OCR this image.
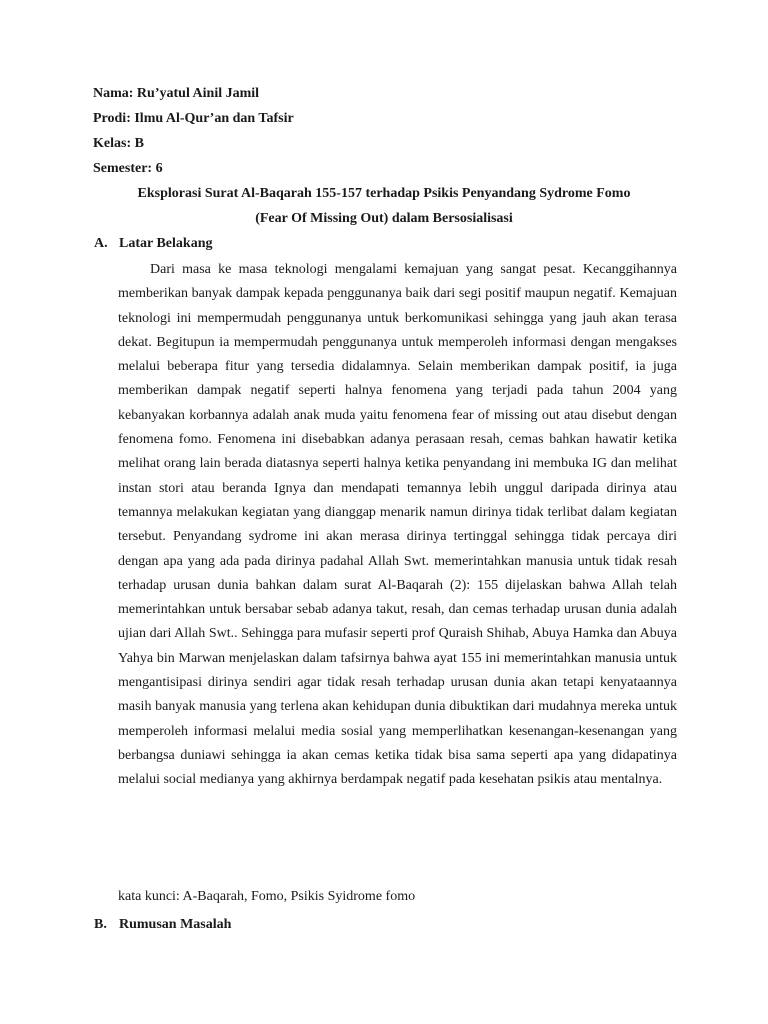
Nama: Ru’yatul Ainil Jamil
Prodi: Ilmu Al-Qur’an dan Tafsir
Kelas: B
Semester: 6
Eksplorasi Surat Al-Baqarah 155-157 terhadap Psikis Penyandang Sydrome Fomo
(Fear Of Missing Out) dalam Bersosialisasi
A. Latar Belakang

Dari masa ke masa teknologi mengalami kemajuan yang sangat pesat. Kecanggihannya memberikan banyak dampak kepada penggunanya baik dari segi positif maupun negatif. Kemajuan teknologi ini mempermudah penggunanya untuk berkomunikasi sehingga yang jauh akan terasa dekat. Begitupun ia mempermudah penggunanya untuk memperoleh informasi dengan mengakses melalui beberapa fitur yang tersedia didalamnya. Selain memberikan dampak positif, ia juga memberikan dampak negatif seperti halnya fenomena yang terjadi pada tahun 2004 yang kebanyakan korbannya adalah anak muda yaitu fenomena fear of missing out atau disebut dengan fenomena fomo. Fenomena ini disebabkan adanya perasaan resah, cemas bahkan hawatir ketika melihat orang lain berada diatasnya seperti halnya ketika penyandang ini membuka IG dan melihat instan stori atau beranda Ignya dan mendapati temannya lebih unggul daripada dirinya atau temannya melakukan kegiatan yang dianggap menarik namun dirinya tidak terlibat dalam kegiatan tersebut. Penyandang sydrome ini akan merasa dirinya tertinggal sehingga tidak percaya diri dengan apa yang ada pada dirinya padahal Allah Swt. memerintahkan manusia untuk tidak resah terhadap urusan dunia bahkan dalam surat Al-Baqarah (2): 155 dijelaskan bahwa Allah telah memerintahkan untuk bersabar sebab adanya takut, resah, dan cemas terhadap urusan dunia adalah ujian dari Allah Swt.. Sehingga para mufasir seperti prof Quraish Shihab, Abuya Hamka dan Abuya Yahya bin Marwan menjelaskan dalam tafsirnya bahwa ayat 155 ini memerintahkan manusia untuk mengantisipasi dirinya sendiri agar tidak resah terhadap urusan dunia akan tetapi kenyataannya masih banyak manusia yang terlena akan kehidupan dunia dibuktikan dari mudahnya mereka untuk memperoleh informasi melalui media sosial yang memperlihatkan kesenangan-kesenangan yang berbangsa duniawi sehingga ia akan cemas ketika tidak bisa sama seperti apa yang didapatinya melalui social medianya yang akhirnya berdampak negatif pada kesehatan psikis atau mentalnya.

kata kunci: A-Baqarah, Fomo, Psikis Syidrome fomo
B. Rumusan Masalah
